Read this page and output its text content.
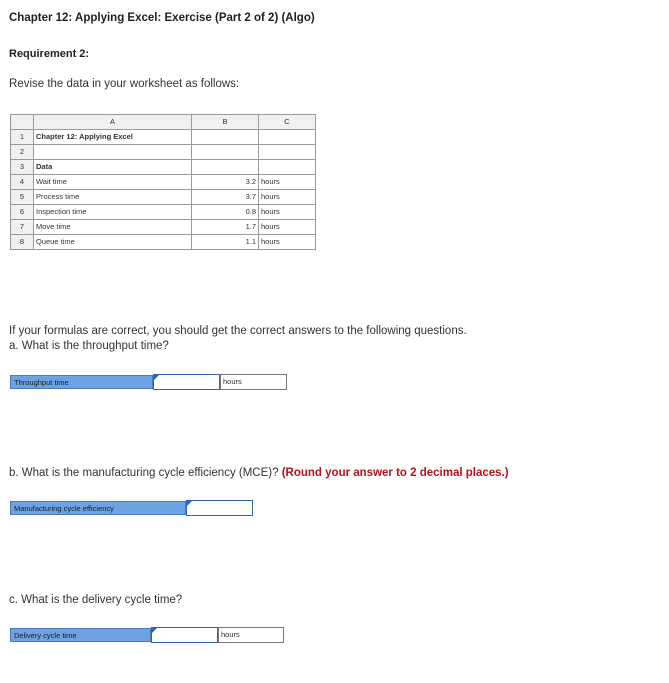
Chapter 12: Applying Excel: Exercise (Part 2 of 2) (Algo)
Requirement 2:
Revise the data in your worksheet as follows:
	A	B	C
1	Chapter 12: Applying Excel		
2			
3	Data		
4	Wait time	3.2	hours
5	Process time	3.7	hours
6	Inspection time	0.8	hours
7	Move time	1.7	hours
8	Queue time	1.1	hours
If your formulas are correct, you should get the correct answers to the following questions.
a. What is the throughput time?
Throughput time	hours
b. What is the manufacturing cycle efficiency (MCE)? (Round your answer to 2 decimal places.)
Manufacturing cycle efficiency
c. What is the delivery cycle time?
Delivery cycle time	hours
